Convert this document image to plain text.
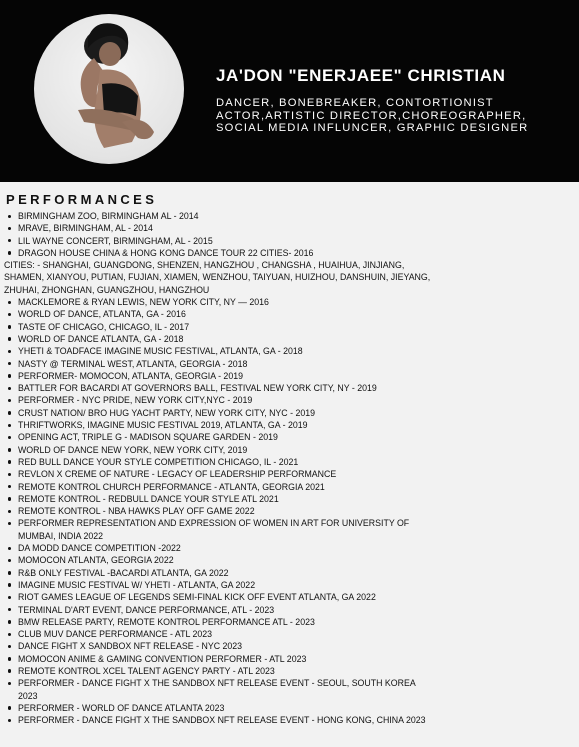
JA'DON "ENERJAEE" CHRISTIAN
DANCER, BONEBREAKER, CONTORTIONIST
ACTOR,ARTISTIC DIRECTOR,CHOREOGRAPHER,
SOCIAL MEDIA INFLUNCER, GRAPHIC DESIGNER
PERFORMANCES
BIRMINGHAM ZOO, BIRMINGHAM AL - 2014
MRAVE, BIRMINGHAM, AL - 2014
LIL WAYNE CONCERT, BIRMINGHAM, AL - 2015
DRAGON HOUSE CHINA & HONG KONG DANCE TOUR 22 CITIES- 2016
CITIES: - SHANGHAI, GUANGDONG, SHENZEN, HANGZHOU , CHANGSHA , HUAIHUA, JINJIANG,
SHAMEN, XIANYOU, PUTIAN, FUJIAN, XIAMEN, WENZHOU, TAIYUAN, HUIZHOU, DANSHUIN, JIEYANG,
ZHUHAI, ZHONGHAN, GUANGZHOU, HANGZHOU
MACKLEMORE & RYAN LEWIS, NEW YORK CITY, NY — 2016
WORLD OF DANCE, ATLANTA, GA - 2016
TASTE OF CHICAGO, CHICAGO, IL - 2017
WORLD OF DANCE ATLANTA, GA - 2018
YHETI & TOADFACE IMAGINE MUSIC FESTIVAL, ATLANTA, GA - 2018
NASTY @ TERMINAL WEST, ATLANTA, GEORGIA - 2018
PERFORMER- MOMOCON, ATLANTA, GEORGIA - 2019
BATTLER FOR BACARDI AT GOVERNORS BALL, FESTIVAL NEW YORK CITY, NY - 2019
PERFORMER - NYC PRIDE, NEW YORK CITY,NYC - 2019
CRUST NATION/ BRO HUG YACHT PARTY, NEW YORK CITY, NYC - 2019
THRIFTWORKS, IMAGINE MUSIC FESTIVAL 2019, ATLANTA, GA - 2019
OPENING ACT, TRIPLE G - MADISON SQUARE GARDEN - 2019
WORLD OF DANCE NEW YORK, NEW YORK CITY, 2019
RED BULL DANCE YOUR STYLE COMPETITION CHICAGO, IL - 2021
REVLON X CREME OF NATURE - LEGACY OF LEADERSHIP PERFORMANCE
REMOTE KONTROL CHURCH PERFORMANCE - ATLANTA, GEORGIA 2021
REMOTE KONTROL - REDBULL DANCE YOUR STYLE ATL 2021
REMOTE KONTROL - NBA HAWKS PLAY OFF GAME 2022
PERFORMER REPRESENTATION AND EXPRESSION OF WOMEN IN ART FOR UNIVERSITY OF
MUMBAI, INDIA 2022
DA MODD DANCE COMPETITION -2022
MOMOCON ATLANTA, GEORGIA 2022
R&B ONLY FESTIVAL -BACARDI ATLANTA, GA 2022
IMAGINE MUSIC FESTIVAL W/ YHETI - ATLANTA, GA 2022
RIOT GAMES LEAGUE OF LEGENDS SEMI-FINAL KICK OFF EVENT ATLANTA, GA 2022
TERMINAL D'ART EVENT, DANCE PERFORMANCE, ATL - 2023
BMW RELEASE PARTY, REMOTE KONTROL PERFORMANCE ATL - 2023
CLUB MUV DANCE PERFORMANCE - ATL 2023
DANCE FIGHT X SANDBOX NFT RELEASE - NYC 2023
MOMOCON ANIME & GAMING CONVENTION PERFORMER - ATL 2023
REMOTE KONTROL XCEL TALENT AGENCY PARTY - ATL 2023
PERFORMER - DANCE FIGHT X THE SANDBOX NFT RELEASE EVENT - SEOUL, SOUTH KOREA
2023
PERFORMER - WORLD OF DANCE ATLANTA 2023
PERFORMER - DANCE FIGHT X THE SANDBOX NFT RELEASE EVENT - HONG KONG, CHINA 2023
